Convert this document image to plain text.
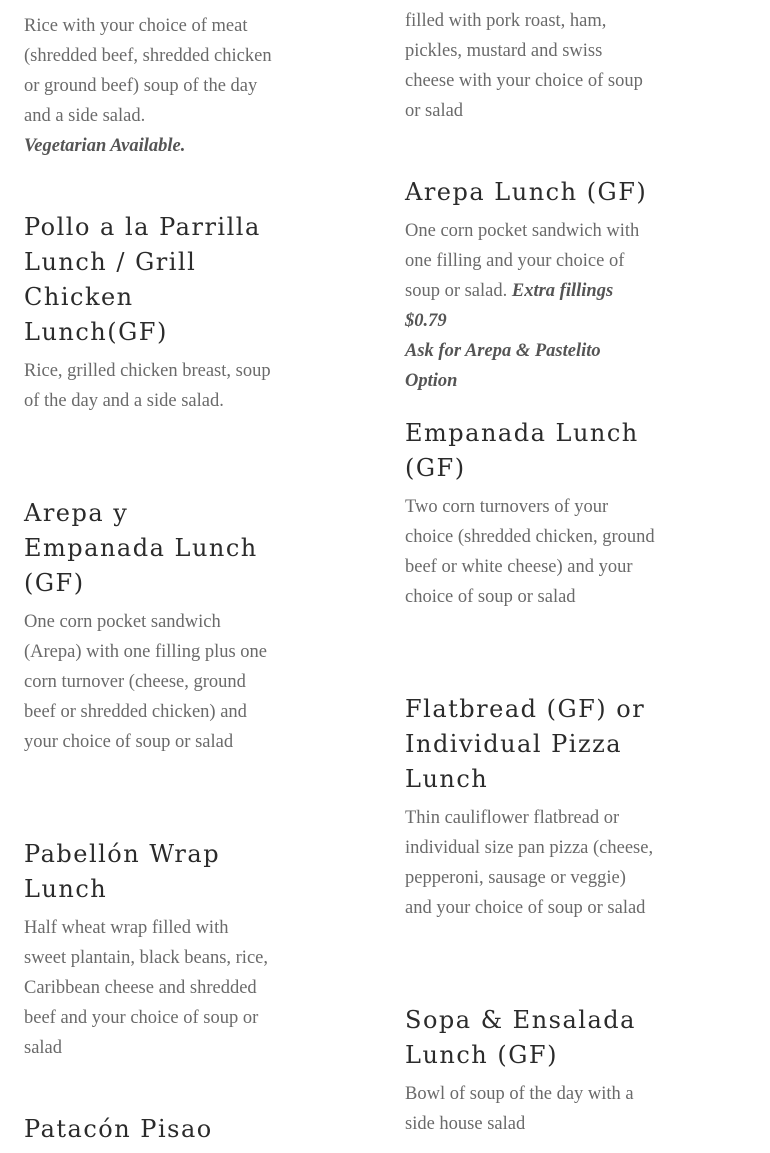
Rice with your choice of meat (shredded beef, shredded chicken or ground beef) soup of the day and a side salad.
Vegetarian Available.

Pollo a la Parrilla Lunch / Grill Chicken Lunch(GF)

Rice, grilled chicken breast, soup of the day and a side salad.

Arepa y Empanada Lunch (GF)

One corn pocket sandwich (Arepa) with one filling plus one corn turnover (cheese, ground beef or shredded chicken) and your choice of soup or salad

Pabellón Wrap Lunch

Half wheat wrap filled with sweet plantain, black beans, rice, Caribbean cheese and shredded beef and your choice of soup or salad

Patacón Pisao

filled with pork roast, ham, pickles, mustard and swiss cheese with your choice of soup or salad

Arepa Lunch (GF)

One corn pocket sandwich with one filling and your choice of soup or salad. Extra fillings $0.79
Ask for Arepa & Pastelito Option

Empanada Lunch (GF)

Two corn turnovers of your choice (shredded chicken, ground beef or white cheese) and your choice of soup or salad

Flatbread (GF) or Individual Pizza Lunch

Thin cauliflower flatbread or individual size pan pizza (cheese, pepperoni, sausage or veggie) and your choice of soup or salad

Sopa & Ensalada Lunch (GF)

Bowl of soup of the day with a side house salad
